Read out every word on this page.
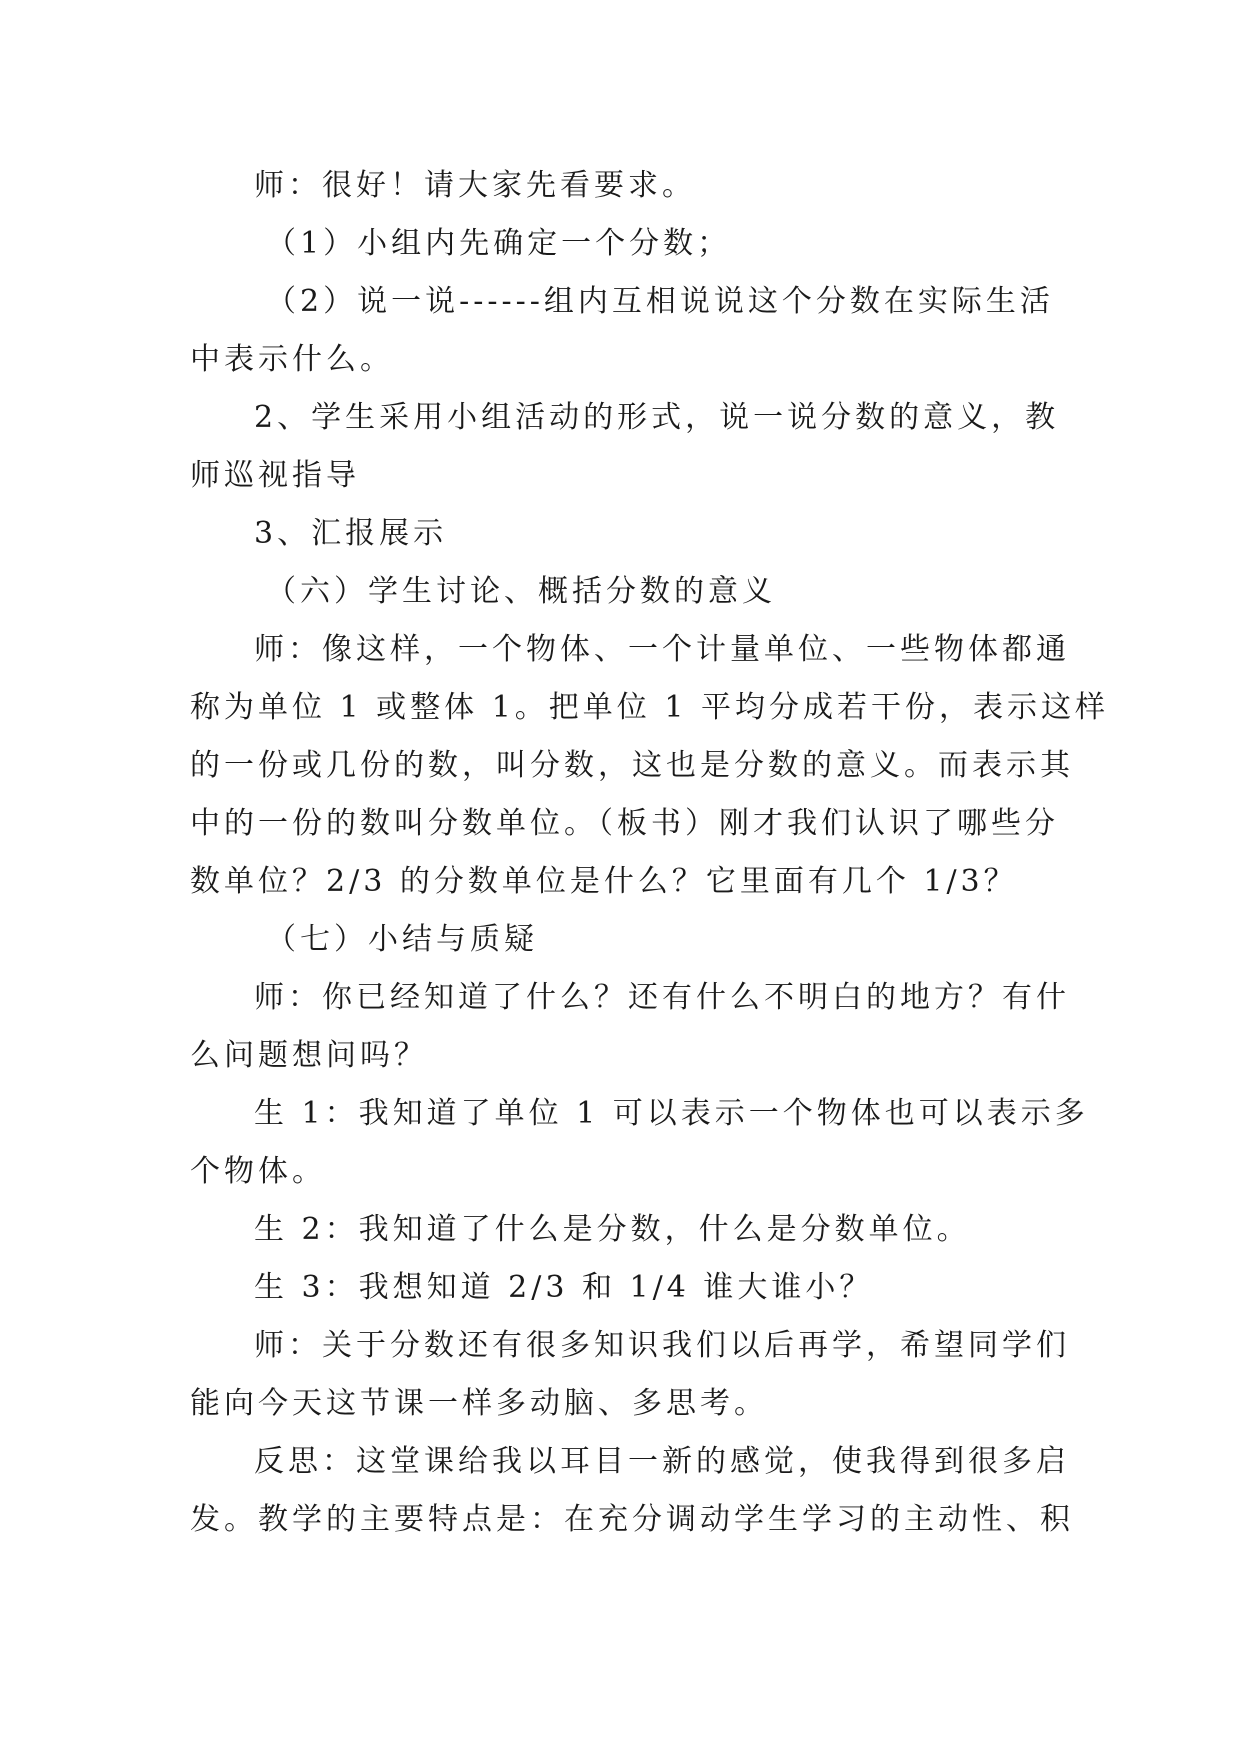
师：很好！请大家先看要求。
（1）小组内先确定一个分数；
（2）说一说------组内互相说说这个分数在实际生活
中表示什么。
2、学生采用小组活动的形式，说一说分数的意义，教
师巡视指导
3、汇报展示
（六）学生讨论、概括分数的意义
师：像这样，一个物体、一个计量单位、一些物体都通
称为单位 1 或整体 1。把单位 1 平均分成若干份，表示这样
的一份或几份的数，叫分数，这也是分数的意义。而表示其
中的一份的数叫分数单位。（板书）刚才我们认识了哪些分
数单位？2/3 的分数单位是什么？它里面有几个 1/3？
（七）小结与质疑
师：你已经知道了什么？还有什么不明白的地方？有什
么问题想问吗？
生 1：我知道了单位 1 可以表示一个物体也可以表示多
个物体。
生 2：我知道了什么是分数，什么是分数单位。
生 3：我想知道 2/3 和 1/4 谁大谁小？
师：关于分数还有很多知识我们以后再学，希望同学们
能向今天这节课一样多动脑、多思考。
反思：这堂课给我以耳目一新的感觉，使我得到很多启
发。教学的主要特点是：在充分调动学生学习的主动性、积
